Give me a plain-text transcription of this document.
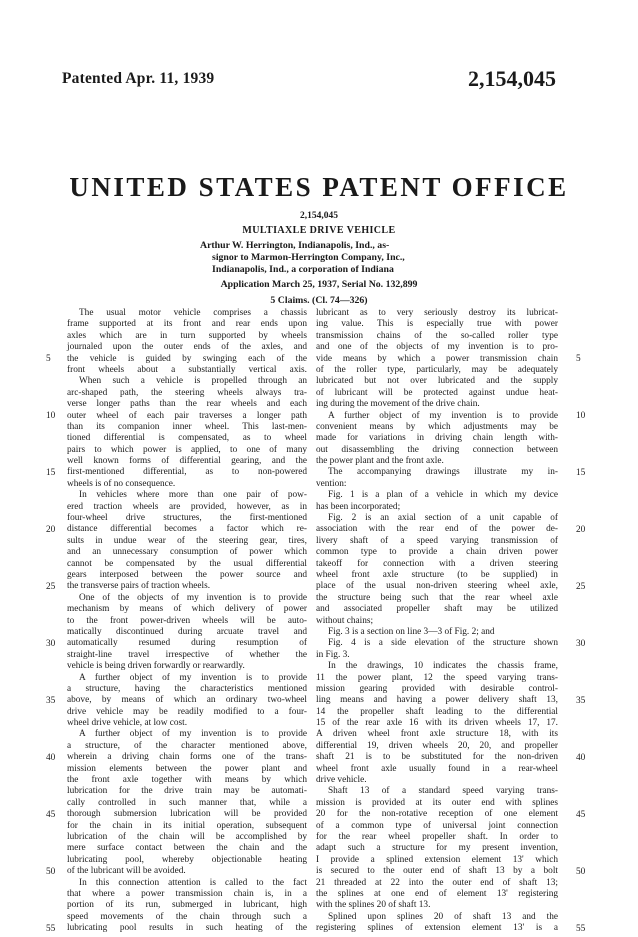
Patented Apr. 11, 1939	2,154,045
UNITED STATES PATENT OFFICE
2,154,045
MULTIAXLE DRIVE VEHICLE
Arthur W. Herrington, Indianapolis, Ind., as-
signor to Marmon-Herrington Company, Inc.,
Indianapolis, Ind., a corporation of Indiana
Application March 25, 1937, Serial No. 132,899
5 Claims. (Cl. 74—326)
The usual motor vehicle comprises a chassis
frame supported at its front and rear ends upon
axles which are in turn supported by wheels
journaled upon the outer ends of the axles, and
the vehicle is guided by swinging each of the
front wheels about a substantially vertical axis.
When such a vehicle is propelled through an
arc-shaped path, the steering wheels always tra-
verse longer paths than the rear wheels and each
outer wheel of each pair traverses a longer path
than its companion inner wheel. This last-men-
tioned differential is compensated, as to wheel
pairs to which power is applied, to one of many
well known forms of differential gearing, and the
first-mentioned differential, as to non-powered
wheels is of no consequence.
In vehicles where more than one pair of pow-
ered traction wheels are provided, however, as in
four-wheel drive structures, the first-mentioned
distance differential becomes a factor which re-
sults in undue wear of the steering gear, tires,
and an unnecessary consumption of power which
cannot be compensated by the usual differential
gears interposed between the power source and
the transverse pairs of traction wheels.
One of the objects of my invention is to provide
mechanism by means of which delivery of power
to the front power-driven wheels will be auto-
matically discontinued during arcuate travel and
automatically resumed during resumption of
straight-line travel irrespective of whether the
vehicle is being driven forwardly or rearwardly.
A further object of my invention is to provide
a structure, having the characteristics mentioned
above, by means of which an ordinary two-wheel
drive vehicle may be readily modified to a four-
wheel drive vehicle, at low cost.
A further object of my invention is to provide
a structure, of the character mentioned above,
wherein a driving chain forms one of the trans-
mission elements between the power plant and
the front axle together with means by which
lubrication for the drive train may be automati-
cally controlled in such manner that, while a
thorough submersion lubrication will be provided
for the chain in its initial operation, subsequent
lubrication of the chain will be accomplished by
mere surface contact between the chain and the
lubricating pool, whereby objectionable heating
of the lubricant will be avoided.
In this connection attention is called to the fact
that where a power transmission chain is, in a
portion of its run, submerged in lubricant, high
speed movements of the chain through such a
lubricating pool results in such heating of the
lubricant as to very seriously destroy its lubricat-
ing value. This is especially true with power
transmission chains of the so-called roller type
and one of the objects of my invention is to pro-
vide means by which a power transmission chain
of the roller type, particularly, may be adequately
lubricated but not over lubricated and the supply
of lubricant will be protected against undue heat-
ing during the movement of the drive chain.
A further object of my invention is to provide
convenient means by which adjustments may be
made for variations in driving chain length with-
out disassembling the driving connection between
the power plant and the front axle.
The accompanying drawings illustrate my in-
vention:
Fig. 1 is a plan of a vehicle in which my device
has been incorporated;
Fig. 2 is an axial section of a unit capable of
association with the rear end of the power de-
livery shaft of a speed varying transmission of
common type to provide a chain driven power
takeoff for connection with a driven steering
wheel front axle structure (to be supplied) in
place of the usual non-driven steering wheel axle,
the structure being such that the rear wheel axle
and associated propeller shaft may be utilized
without chains;
Fig. 3 is a section on line 3—3 of Fig. 2; and
Fig. 4 is a side elevation of the structure shown
in Fig. 3.
In the drawings, 10 indicates the chassis frame,
11 the power plant, 12 the speed varying trans-
mission gearing provided with desirable control-
ling means and having a power delivery shaft 13,
14 the propeller shaft leading to the differential
15 of the rear axle 16 with its driven wheels 17, 17.
A driven wheel front axle structure 18, with its
differential 19, driven wheels 20, 20, and propeller
shaft 21 is to be substituted for the non-driven
wheel front axle usually found in a rear-wheel
drive vehicle.
Shaft 13 of a standard speed varying trans-
mission is provided at its outer end with splines
20 for the non-rotative reception of one element
of a common type of universal joint connection
for the rear wheel propeller shaft. In order to
adapt such a structure for my present invention,
I provide a splined extension element 13' which
is secured to the outer end of shaft 13 by a bolt
21 threaded at 22 into the outer end of shaft 13;
the splines at one end of element 13' registering
with the splines 20 of shaft 13.
Splined upon splines 20 of shaft 13 and the
registering splines of extension element 13' is a
5	5
10	10
15	15
20	20
25	25
30	30
35	35
40	40
45	45
50	50
55	55
